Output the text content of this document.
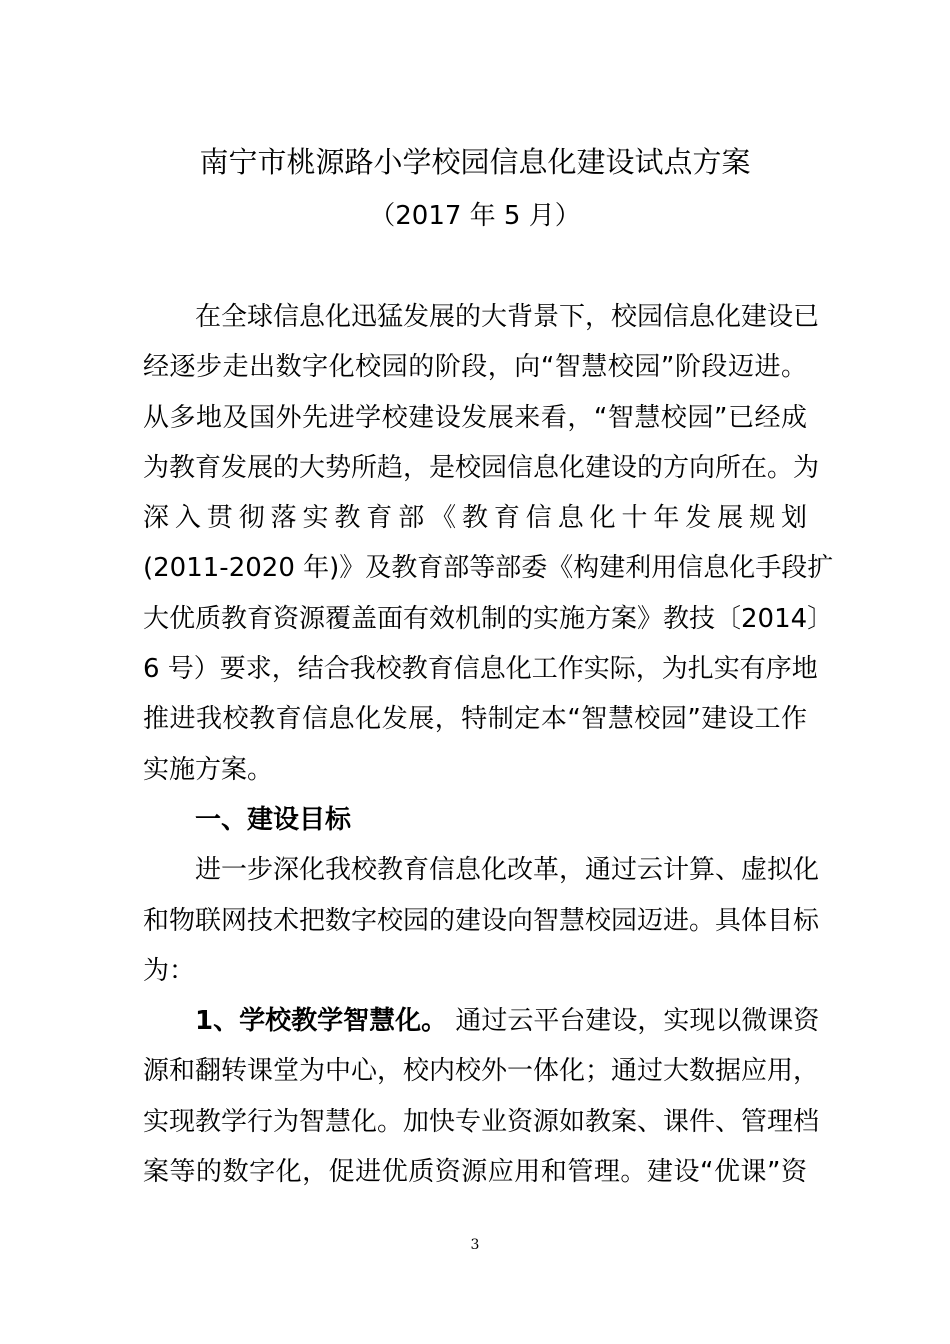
南宁市桃源路小学校园信息化建设试点方案
（2017 年 5 月）
在全球信息化迅猛发展的大背景下，校园信息化建设已
经逐步走出数字化校园的阶段，向“智慧校园”阶段迈进。
从多地及国外先进学校建设发展来看，“智慧校园”已经成
为教育发展的大势所趋，是校园信息化建设的方向所在。为
深入贯彻落实教育部《教育信息化十年发展规划
(2011-2020 年)》及教育部等部委《构建利用信息化手段扩
大优质教育资源覆盖面有效机制的实施方案》教技〔2014〕
6 号）要求，结合我校教育信息化工作实际，为扎实有序地
推进我校教育信息化发展，特制定本“智慧校园”建设工作
实施方案。
一、建设目标
进一步深化我校教育信息化改革，通过云计算、虚拟化
和物联网技术把数字校园的建设向智慧校园迈进。具体目标
为：
1、学校教学智慧化。 通过云平台建设，实现以微课资
源和翻转课堂为中心，校内校外一体化；通过大数据应用，
实现教学行为智慧化。加快专业资源如教案、课件、管理档
案等的数字化，促进优质资源应用和管理。建设“优课”资
3
